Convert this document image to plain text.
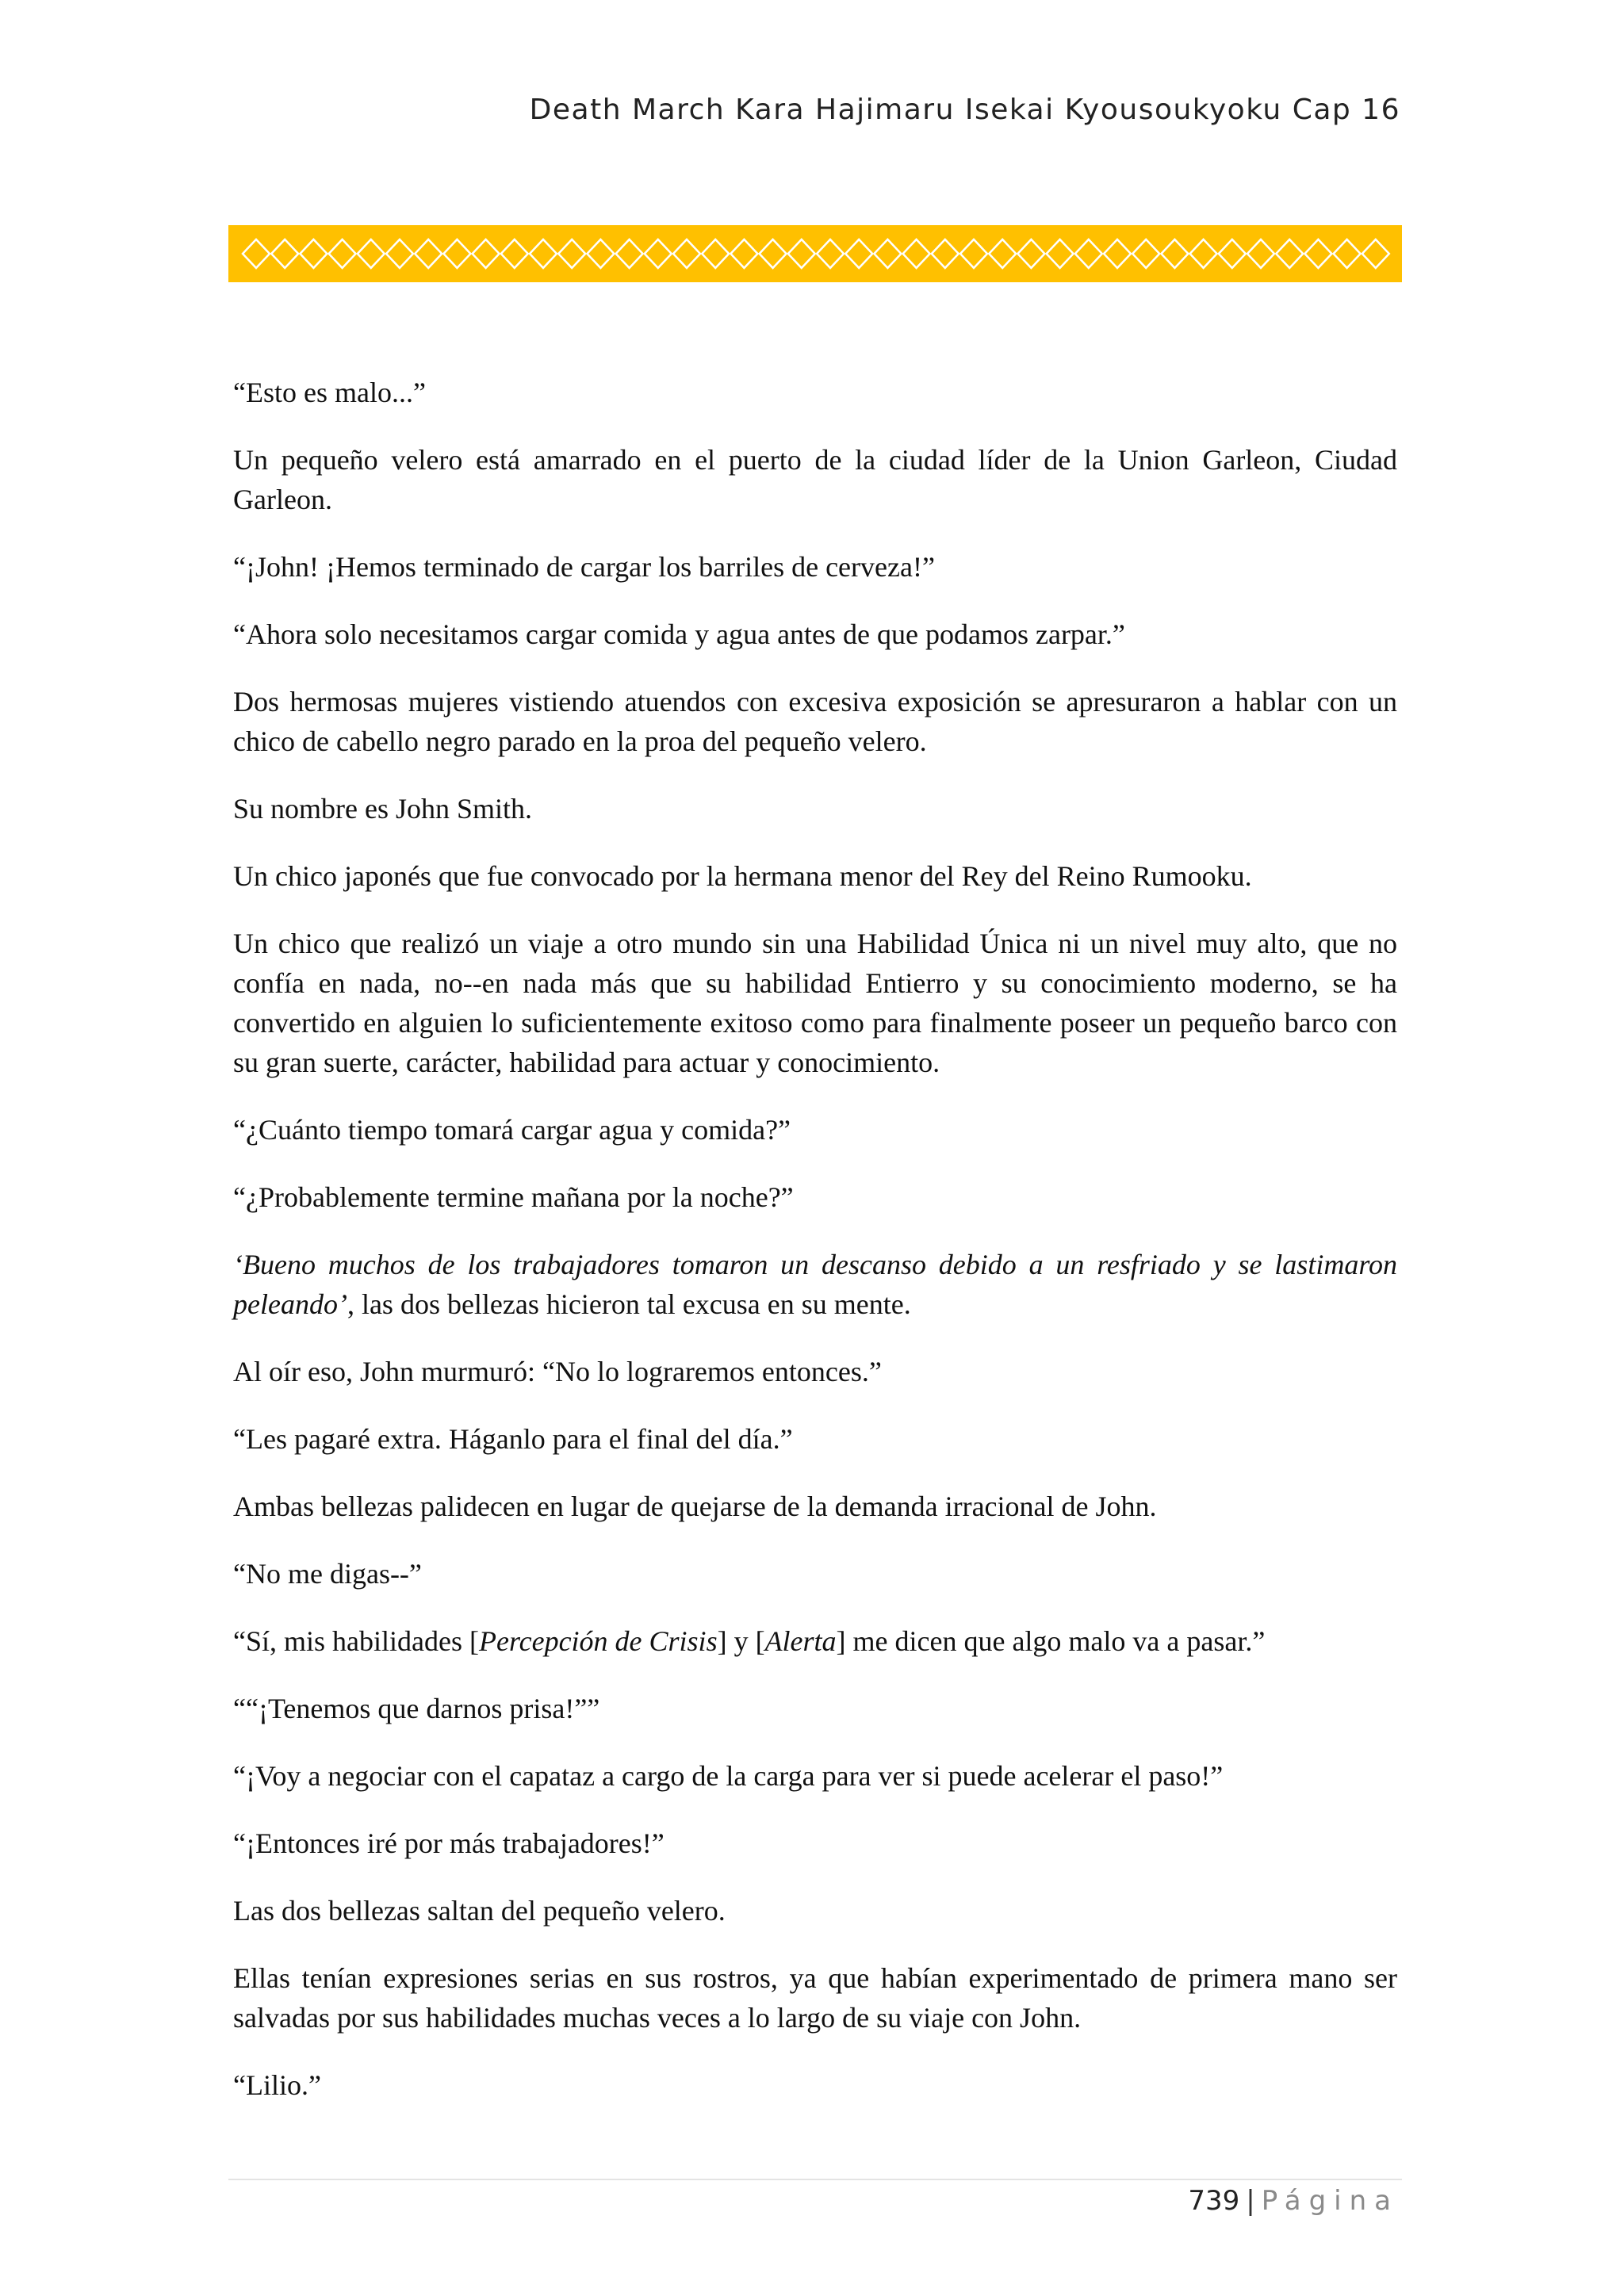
Death March Kara Hajimaru Isekai Kyousoukyoku Cap 16

“Esto es malo...”

Un pequeño velero está amarrado en el puerto de la ciudad líder de la Union Garleon, Ciudad Garleon.

“¡John! ¡Hemos terminado de cargar los barriles de cerveza!”

“Ahora solo necesitamos cargar comida y agua antes de que podamos zarpar.”

Dos hermosas mujeres vistiendo atuendos con excesiva exposición se apresuraron a hablar con un chico de cabello negro parado en la proa del pequeño velero.

Su nombre es John Smith.

Un chico japonés que fue convocado por la hermana menor del Rey del Reino Rumooku.

Un chico que realizó un viaje a otro mundo sin una Habilidad Única ni un nivel muy alto, que no confía en nada, no--en nada más que su habilidad Entierro y su conocimiento moderno, se ha convertido en alguien lo suficientemente exitoso como para finalmente poseer un pequeño barco con su gran suerte, carácter, habilidad para actuar y conocimiento.

“¿Cuánto tiempo tomará cargar agua y comida?”

“¿Probablemente termine mañana por la noche?”

‘Bueno muchos de los trabajadores tomaron un descanso debido a un resfriado y se lastimaron peleando’, las dos bellezas hicieron tal excusa en su mente.

Al oír eso, John murmuró: “No lo lograremos entonces.”

“Les pagaré extra. Háganlo para el final del día.”

Ambas bellezas palidecen en lugar de quejarse de la demanda irracional de John.

“No me digas--”

“Sí, mis habilidades [Percepción de Crisis] y [Alerta] me dicen que algo malo va a pasar.”

““¡Tenemos que darnos prisa!””

“¡Voy a negociar con el capataz a cargo de la carga para ver si puede acelerar el paso!”

“¡Entonces iré por más trabajadores!”

Las dos bellezas saltan del pequeño velero.

Ellas tenían expresiones serias en sus rostros, ya que habían experimentado de primera mano ser salvadas por sus habilidades muchas veces a lo largo de su viaje con John.

“Lilio.”

739 | Página
